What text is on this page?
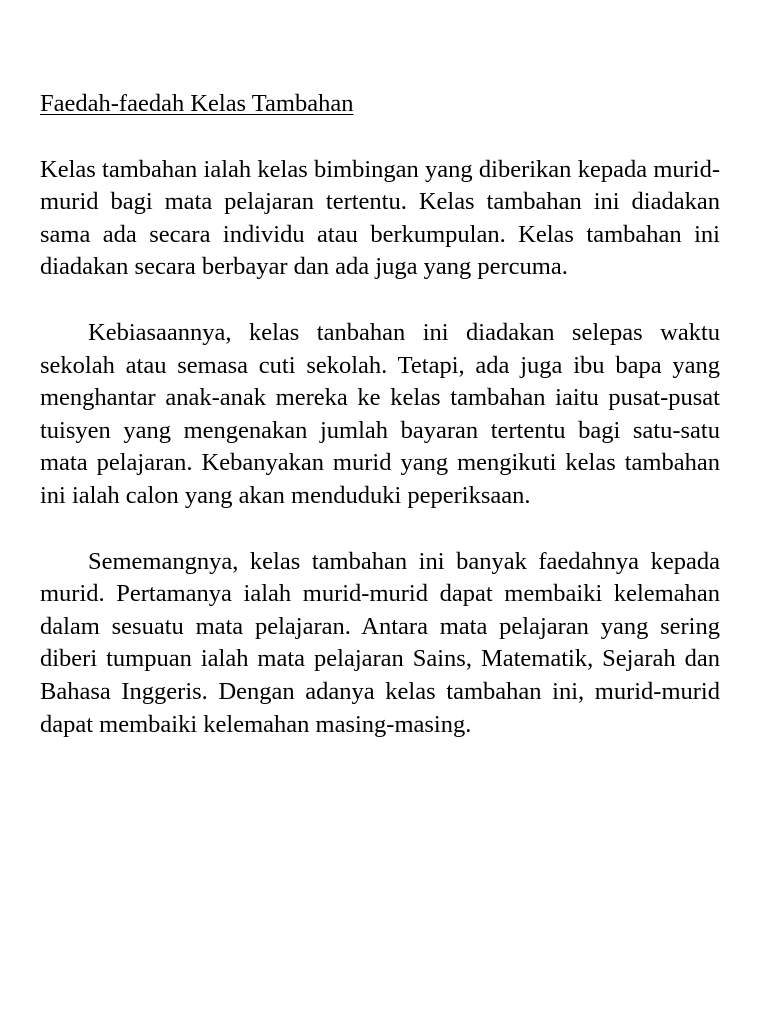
Faedah-faedah Kelas Tambahan

Kelas tambahan ialah kelas bimbingan yang diberikan kepada murid-murid bagi mata pelajaran tertentu. Kelas tambahan ini diadakan sama ada secara individu atau berkumpulan. Kelas tambahan ini diadakan secara berbayar dan ada juga yang percuma.

Kebiasaannya, kelas tanbahan ini diadakan selepas waktu sekolah atau semasa cuti sekolah. Tetapi, ada juga ibu bapa yang menghantar anak-anak mereka ke kelas tambahan iaitu pusat-pusat tuisyen yang mengenakan jumlah bayaran tertentu bagi satu-satu mata pelajaran. Kebanyakan murid yang mengikuti kelas tambahan ini ialah calon yang akan menduduki peperiksaan.

Sememangnya, kelas tambahan ini banyak faedahnya kepada murid. Pertamanya ialah murid-murid dapat membaiki kelemahan dalam sesuatu mata pelajaran. Antara mata pelajaran yang sering diberi tumpuan ialah mata pelajaran Sains, Matematik, Sejarah dan Bahasa Inggeris. Dengan adanya kelas tambahan ini, murid-murid dapat membaiki kelemahan masing-masing.
